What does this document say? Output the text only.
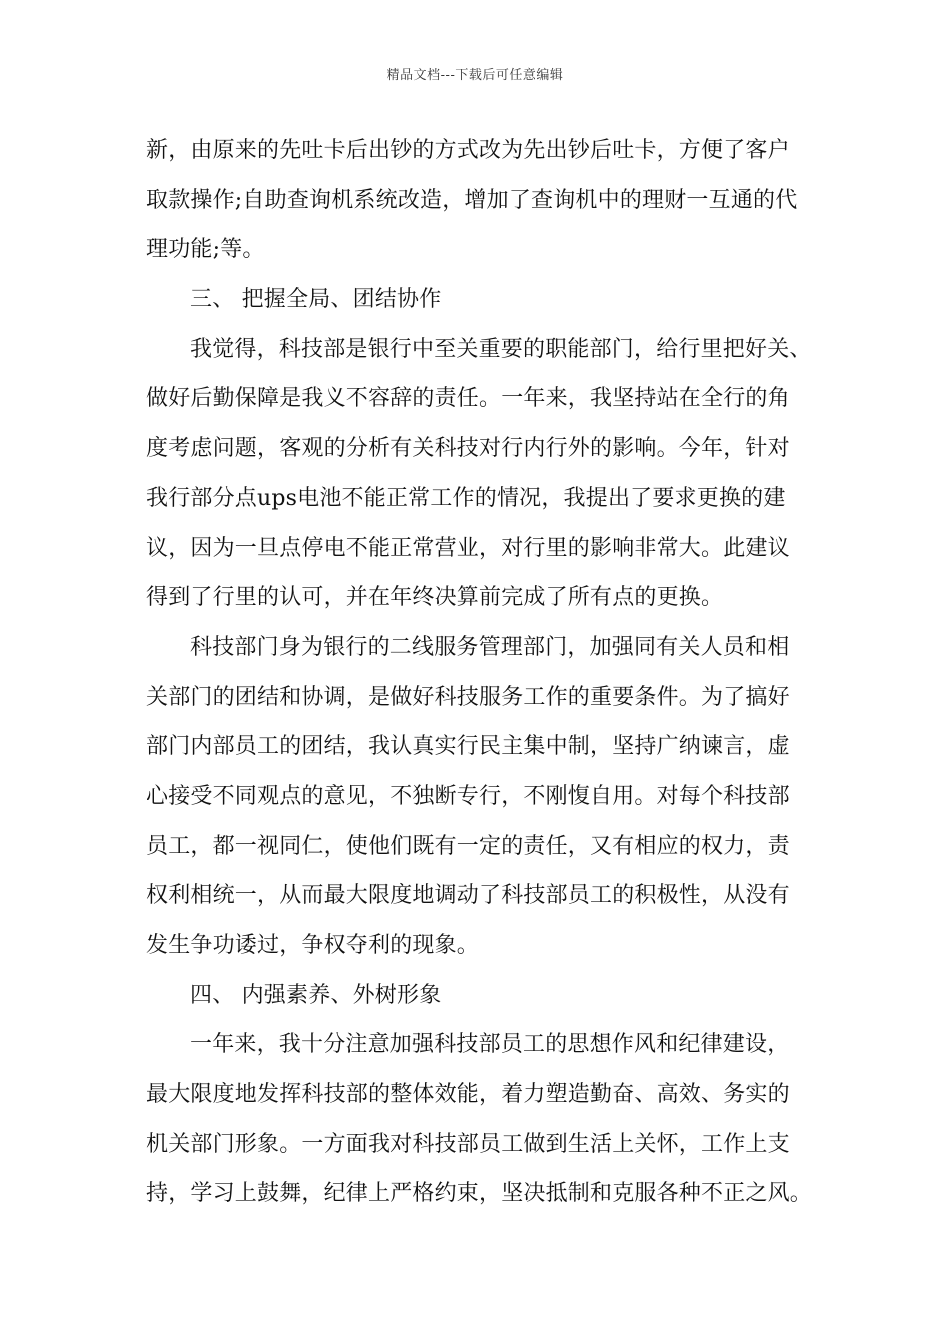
精品文档---下载后可任意编辑
新，由原来的先吐卡后出钞的方式改为先出钞后吐卡，方便了客户
取款操作;自助查询机系统改造，增加了查询机中的理财一互通的代
理功能;等。
三、 把握全局、团结协作
我觉得，科技部是银行中至关重要的职能部门，给行里把好关、
做好后勤保障是我义不容辞的责任。一年来，我坚持站在全行的角
度考虑问题，客观的分析有关科技对行内行外的影响。今年，针对
我行部分点ups电池不能正常工作的情况，我提出了要求更换的建
议，因为一旦点停电不能正常营业，对行里的影响非常大。此建议
得到了行里的认可，并在年终决算前完成了所有点的更换。
科技部门身为银行的二线服务管理部门，加强同有关人员和相
关部门的团结和协调，是做好科技服务工作的重要条件。为了搞好
部门内部员工的团结，我认真实行民主集中制，坚持广纳谏言，虚
心接受不同观点的意见，不独断专行，不刚愎自用。对每个科技部
员工，都一视同仁，使他们既有一定的责任，又有相应的权力，责
权利相统一，从而最大限度地调动了科技部员工的积极性，从没有
发生争功诿过，争权夺利的现象。
四、 内强素养、外树形象
一年来，我十分注意加强科技部员工的思想作风和纪律建设，
最大限度地发挥科技部的整体效能，着力塑造勤奋、高效、务实的
机关部门形象。一方面我对科技部员工做到生活上关怀，工作上支
持，学习上鼓舞，纪律上严格约束，坚决抵制和克服各种不正之风。
